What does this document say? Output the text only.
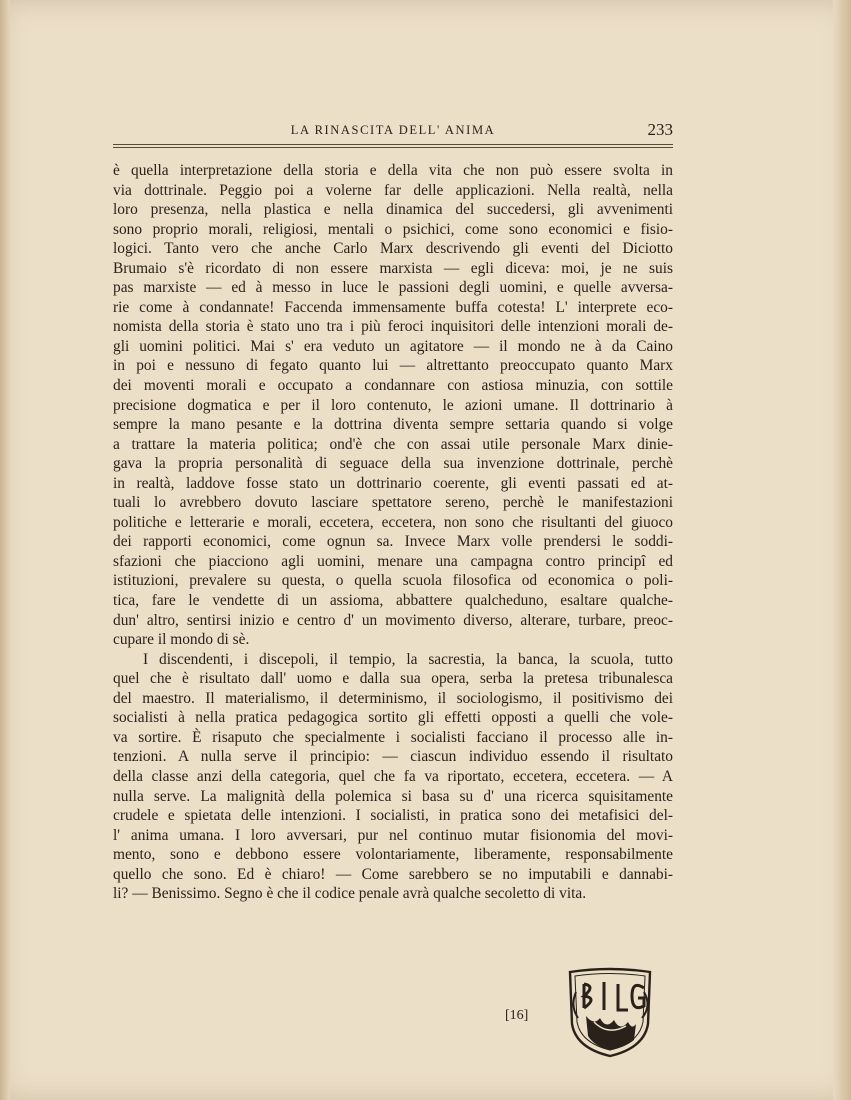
LA RINASCITA DELL' ANIMA	233
è quella interpretazione della storia e della vita che non può essere svolta in
via dottrinale. Peggio poi a volerne far delle applicazioni. Nella realtà, nella
loro presenza, nella plastica e nella dinamica del succedersi, gli avvenimenti
sono proprio morali, religiosi, mentali o psichici, come sono economici e fisio-
logici. Tanto vero che anche Carlo Marx descrivendo gli eventi del Diciotto
Brumaio s'è ricordato di non essere marxista — egli diceva: moi, je ne suis
pas marxiste — ed à messo in luce le passioni degli uomini, e quelle avversa-
rie come à condannate! Faccenda immensamente buffa cotesta! L' interprete eco-
nomista della storia è stato uno tra i più feroci inquisitori delle intenzioni morali de-
gli uomini politici. Mai s' era veduto un agitatore — il mondo ne à da Caino
in poi e nessuno di fegato quanto lui — altrettanto preoccupato quanto Marx
dei moventi morali e occupato a condannare con astiosa minuzia, con sottile
precisione dogmatica e per il loro contenuto, le azioni umane. Il dottrinario à
sempre la mano pesante e la dottrina diventa sempre settaria quando si volge
a trattare la materia politica; ond'è che con assai utile personale Marx dinie-
gava la propria personalità di seguace della sua invenzione dottrinale, perchè
in realtà, laddove fosse stato un dottrinario coerente, gli eventi passati ed at-
tuali lo avrebbero dovuto lasciare spettatore sereno, perchè le manifestazioni
politiche e letterarie e morali, eccetera, eccetera, non sono che risultanti del giuoco
dei rapporti economici, come ognun sa. Invece Marx volle prendersi le soddi-
sfazioni che piacciono agli uomini, menare una campagna contro principî ed
istituzioni, prevalere su questa, o quella scuola filosofica od economica o poli-
tica, fare le vendette di un assioma, abbattere qualcheduno, esaltare qualche-
dun' altro, sentirsi inizio e centro d' un movimento diverso, alterare, turbare, preoc-
cupare il mondo di sè.
I discendenti, i discepoli, il tempio, la sacrestia, la banca, la scuola, tutto
quel che è risultato dall' uomo e dalla sua opera, serba la pretesa tribunalesca
del maestro. Il materialismo, il determinismo, il sociologismo, il positivismo dei
socialisti à nella pratica pedagogica sortito gli effetti opposti a quelli che vole-
va sortire. È risaputo che specialmente i socialisti facciano il processo alle in-
tenzioni. A nulla serve il principio: — ciascun individuo essendo il risultato
della classe anzi della categoria, quel che fa va riportato, eccetera, eccetera. — A
nulla serve. La malignità della polemica si basa su d' una ricerca squisitamente
crudele e spietata delle intenzioni. I socialisti, in pratica sono dei metafisici del-
l' anima umana. I loro avversari, pur nel continuo mutar fisionomia del movi-
mento, sono e debbono essere volontariamente, liberamente, responsabilmente
quello che sono. Ed è chiaro! — Come sarebbero se no imputabili e dannabi-
li? — Benissimo. Segno è che il codice penale avrà qualche secoletto di vita.
[16]
